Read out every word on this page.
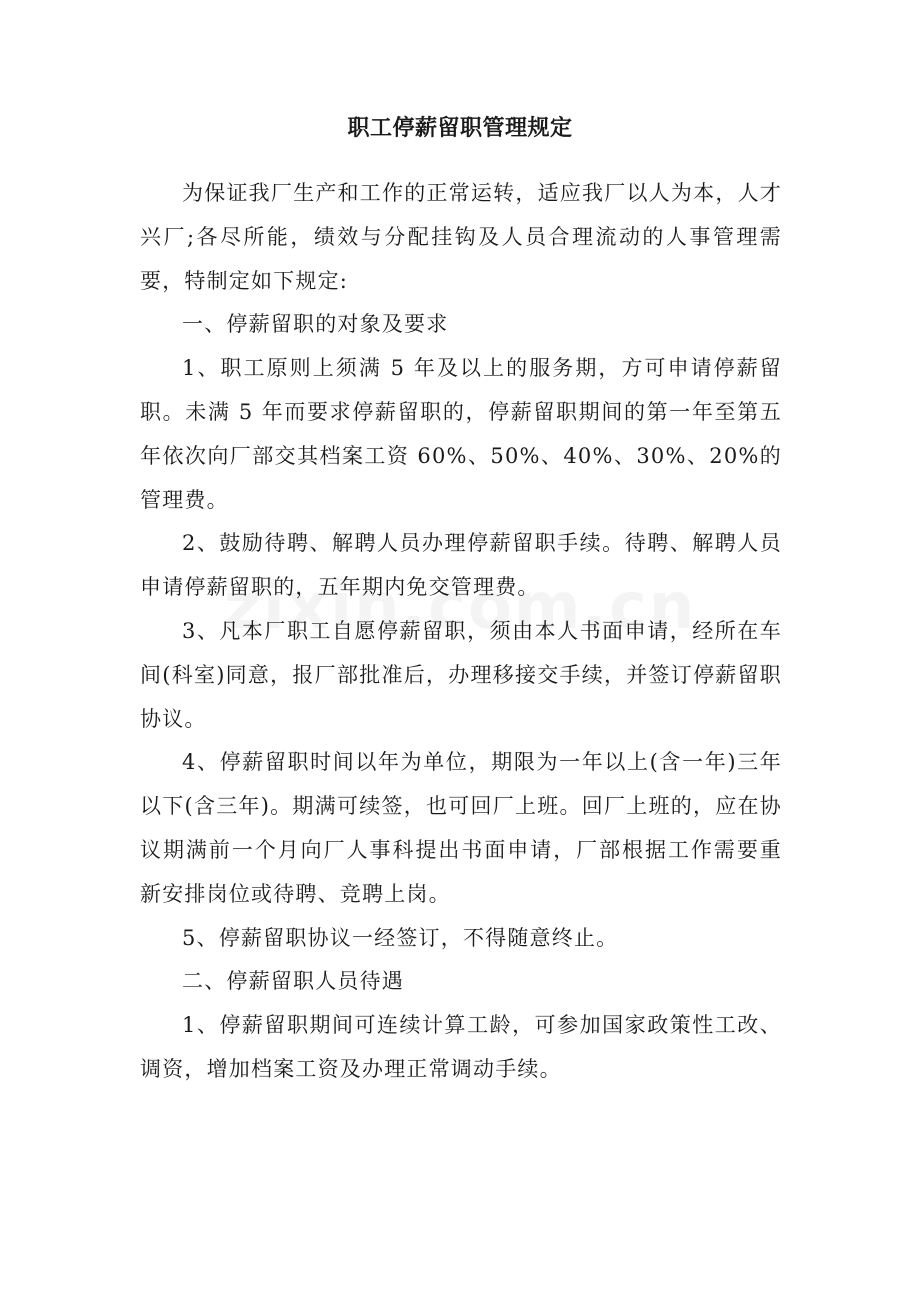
职工停薪留职管理规定

为保证我厂生产和工作的正常运转，适应我厂以人为本，人才兴厂;各尽所能，绩效与分配挂钩及人员合理流动的人事管理需要，特制定如下规定:

一、停薪留职的对象及要求

1、职工原则上须满 5 年及以上的服务期，方可申请停薪留职。未满 5 年而要求停薪留职的，停薪留职期间的第一年至第五年依次向厂部交其档案工资 60%、50%、40%、30%、20%的管理费。

2、鼓励待聘、解聘人员办理停薪留职手续。待聘、解聘人员申请停薪留职的，五年期内免交管理费。

3、凡本厂职工自愿停薪留职，须由本人书面申请，经所在车间(科室)同意，报厂部批准后，办理移接交手续，并签订停薪留职协议。

4、停薪留职时间以年为单位，期限为一年以上(含一年)三年以下(含三年)。期满可续签，也可回厂上班。回厂上班的，应在协议期满前一个月向厂人事科提出书面申请，厂部根据工作需要重新安排岗位或待聘、竞聘上岗。

5、停薪留职协议一经签订，不得随意终止。

二、停薪留职人员待遇

1、停薪留职期间可连续计算工龄，可参加国家政策性工改、调资，增加档案工资及办理正常调动手续。
